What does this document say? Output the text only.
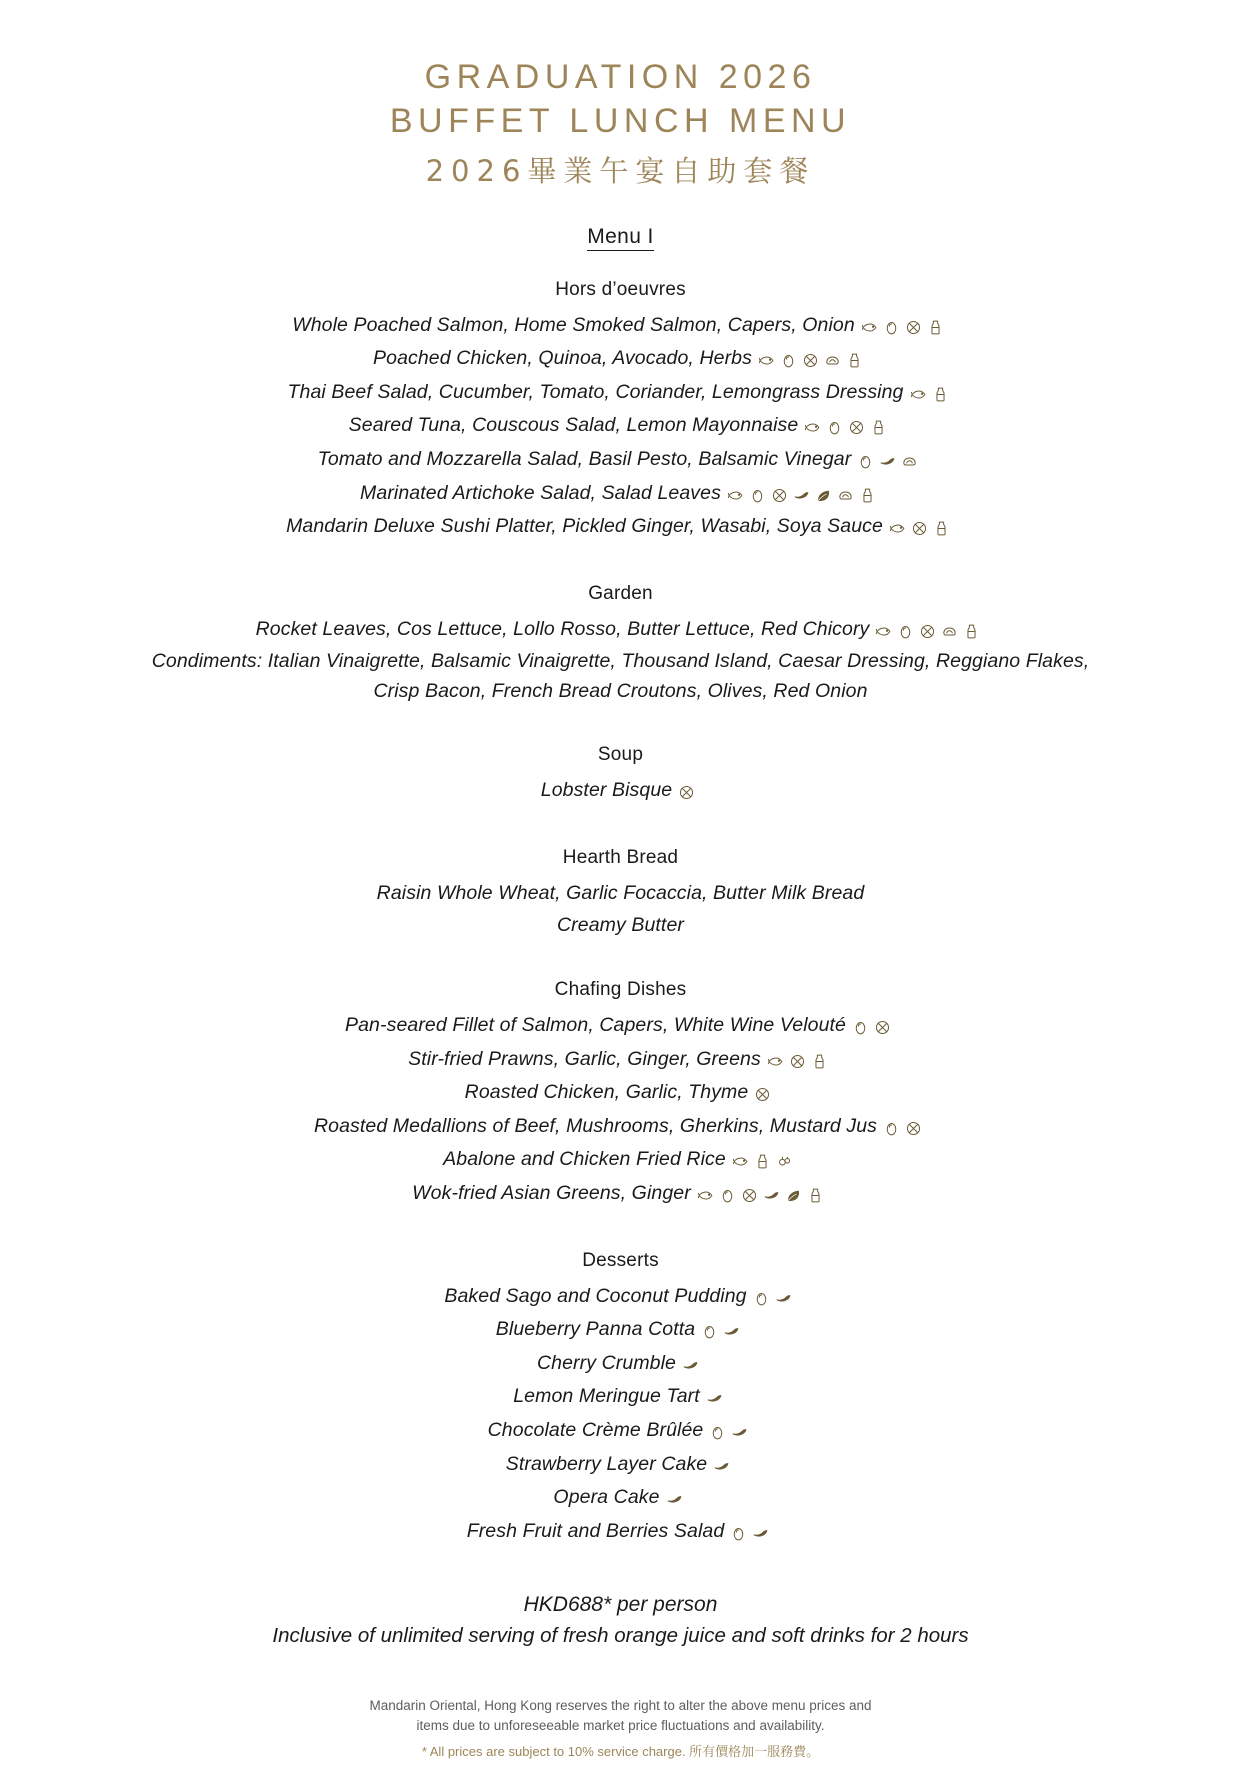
GRADUATION 2026
BUFFET LUNCH MENU
2026畢業午宴自助套餐
Menu I
Hors d’oeuvres
Whole Poached Salmon, Home Smoked Salmon, Capers, Onion
Poached Chicken, Quinoa, Avocado, Herbs
Thai Beef Salad, Cucumber, Tomato, Coriander, Lemongrass Dressing
Seared Tuna, Couscous Salad, Lemon Mayonnaise
Tomato and Mozzarella Salad, Basil Pesto, Balsamic Vinegar
Marinated Artichoke Salad, Salad Leaves
Mandarin Deluxe Sushi Platter, Pickled Ginger, Wasabi, Soya Sauce
Garden
Rocket Leaves, Cos Lettuce, Lollo Rosso, Butter Lettuce, Red Chicory
Condiments: Italian Vinaigrette, Balsamic Vinaigrette, Thousand Island, Caesar Dressing, Reggiano Flakes,
Crisp Bacon, French Bread Croutons, Olives, Red Onion
Soup
Lobster Bisque
Hearth Bread
Raisin Whole Wheat, Garlic Focaccia, Butter Milk Bread
Creamy Butter
Chafing Dishes
Pan-seared Fillet of Salmon, Capers, White Wine Velouté
Stir-fried Prawns, Garlic, Ginger, Greens
Roasted Chicken, Garlic, Thyme
Roasted Medallions of Beef, Mushrooms, Gherkins, Mustard Jus
Abalone and Chicken Fried Rice
Wok-fried Asian Greens, Ginger
Desserts
Baked Sago and Coconut Pudding
Blueberry Panna Cotta
Cherry Crumble
Lemon Meringue Tart
Chocolate Crème Brûlée
Strawberry Layer Cake
Opera Cake
Fresh Fruit and Berries Salad
HKD688* per person
Inclusive of unlimited serving of fresh orange juice and soft drinks for 2 hours
Mandarin Oriental, Hong Kong reserves the right to alter the above menu prices and
items due to unforeseeable market price fluctuations and availability.
* All prices are subject to 10% service charge. 所有價格加一服務費。
